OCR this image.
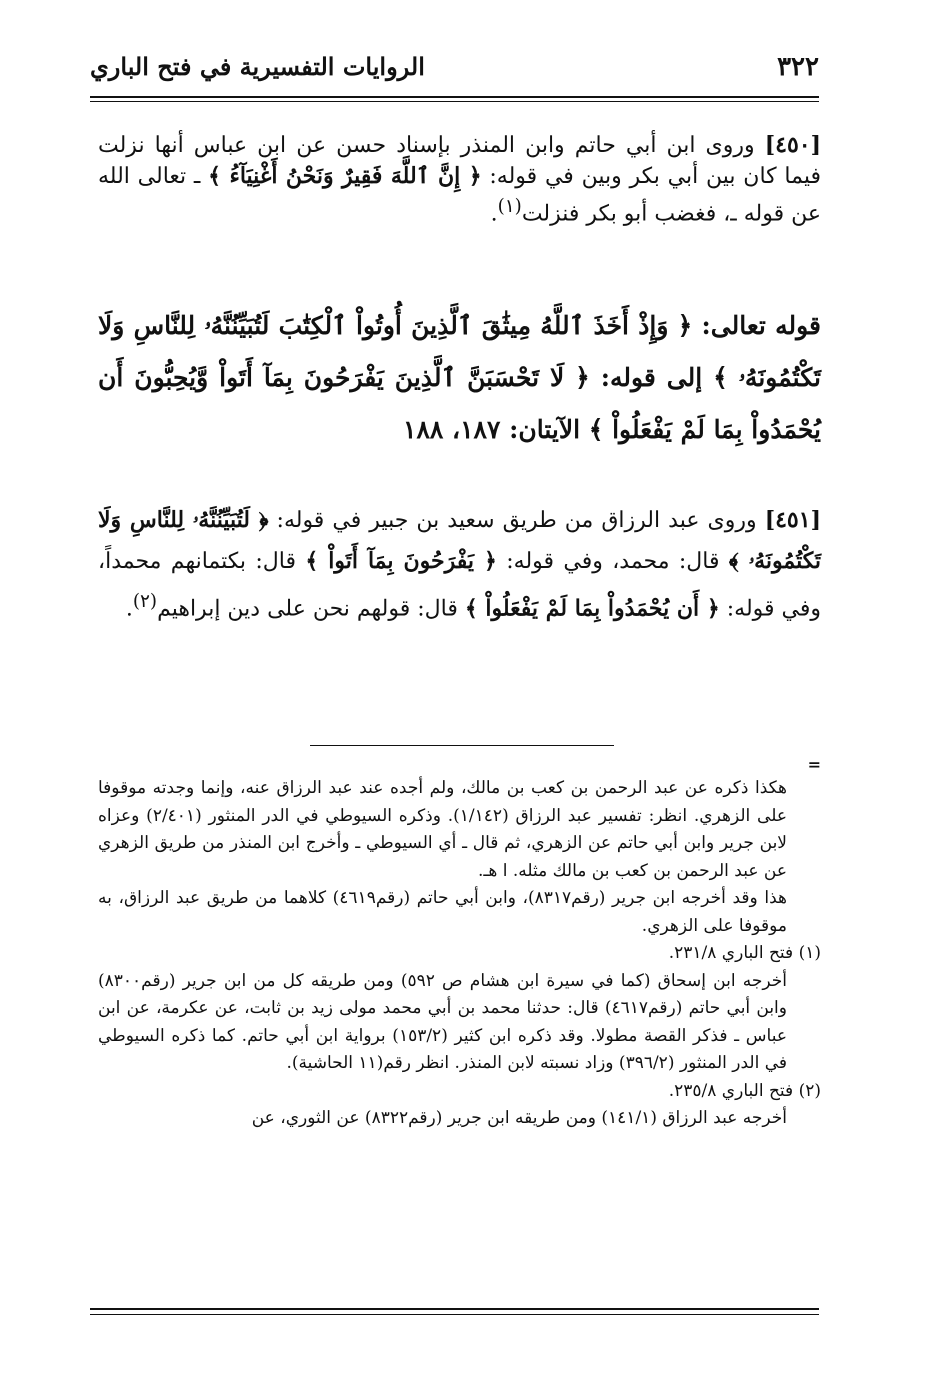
٣٢٢
الروايات التفسيرية في فتح الباري

[٤٥٠] وروى ابن أبي حاتم وابن المنذر بإسناد حسن عن ابن عباس أنها نزلت فيما كان بين أبي بكر وبين في قوله: ﴿ إِنَّ ٱللَّهَ فَقِيرٌ وَنَحْنُ أَغْنِيَآءُ ﴾ ـ تعالى الله عن قوله ـ، فغضب أبو بكر فنزلت$^{(١)}$.

قوله تعالى: ﴿ وَإِذْ أَخَذَ ٱللَّهُ مِيثَٰقَ ٱلَّذِينَ أُوتُواْ ٱلْكِتَٰبَ لَتُبَيِّنُنَّهُۥ لِلنَّاسِ وَلَا تَكْتُمُونَهُۥ ﴾ إلى قوله: ﴿ لَا تَحْسَبَنَّ ٱلَّذِينَ يَفْرَحُونَ بِمَآ أَتَواْ وَّيُحِبُّونَ أَن يُحْمَدُواْ بِمَا لَمْ يَفْعَلُواْ ﴾ الآيتان: ١٨٧، ١٨٨

[٤٥١] وروى عبد الرزاق من طريق سعيد بن جبير في قوله: ﴿ لَتُبَيِّنُنَّهُۥ لِلنَّاسِ وَلَا تَكْتُمُونَهُۥ ﴾ قال: محمد، وفي قوله: ﴿ يَفْرَحُونَ بِمَآ أَتَواْ ﴾ قال: بكتمانهم محمداً، وفي قوله: ﴿ أَن يُحْمَدُواْ بِمَا لَمْ يَفْعَلُواْ ﴾ قال: قولهم نحن على دين إبراهيم$^{(٢)}$.

=

هكذا ذكره عن عبد الرحمن بن كعب بن مالك، ولم أجده عند عبد الرزاق عنه، وإنما وجدته موقوفا على الزهري. انظر: تفسير عبد الرزاق (١/١٤٢). وذكره السيوطي في الدر المنثور (٢/٤٠١) وعزاه لابن جرير وابن أبي حاتم عن الزهري، ثم قال ـ أي السيوطي ـ وأخرج ابن المنذر من طريق الزهري عن عبد الرحمن بن كعب بن مالك مثله. ا هـ.

هذا وقد أخرجه ابن جرير (رقم٨٣١٧)، وابن أبي حاتم (رقم٤٦١٩) كلاهما من طريق عبد الرزاق، به موقوفا على الزهري.

(١) فتح الباري ٢٣١/٨.

أخرجه ابن إسحاق (كما في سيرة ابن هشام ص ٥٩٢) ومن طريقه كل من ابن جرير (رقم٨٣٠٠) وابن أبي حاتم (رقم٤٦١٧) قال: حدثنا محمد بن أبي محمد مولى زيد بن ثابت، عن عكرمة، عن ابن عباس ـ فذكر القصة مطولا. وقد ذكره ابن كثير (١٥٣/٢) برواية ابن أبي حاتم. كما ذكره السيوطي في الدر المنثور (٣٩٦/٢) وزاد نسبته لابن المنذر. انظر رقم(١١ الحاشية).

(٢) فتح الباري ٢٣٥/٨.

أخرجه عبد الرزاق (١٤١/١) ومن طريقه ابن جرير (رقم٨٣٢٢) عن الثوري، عن
